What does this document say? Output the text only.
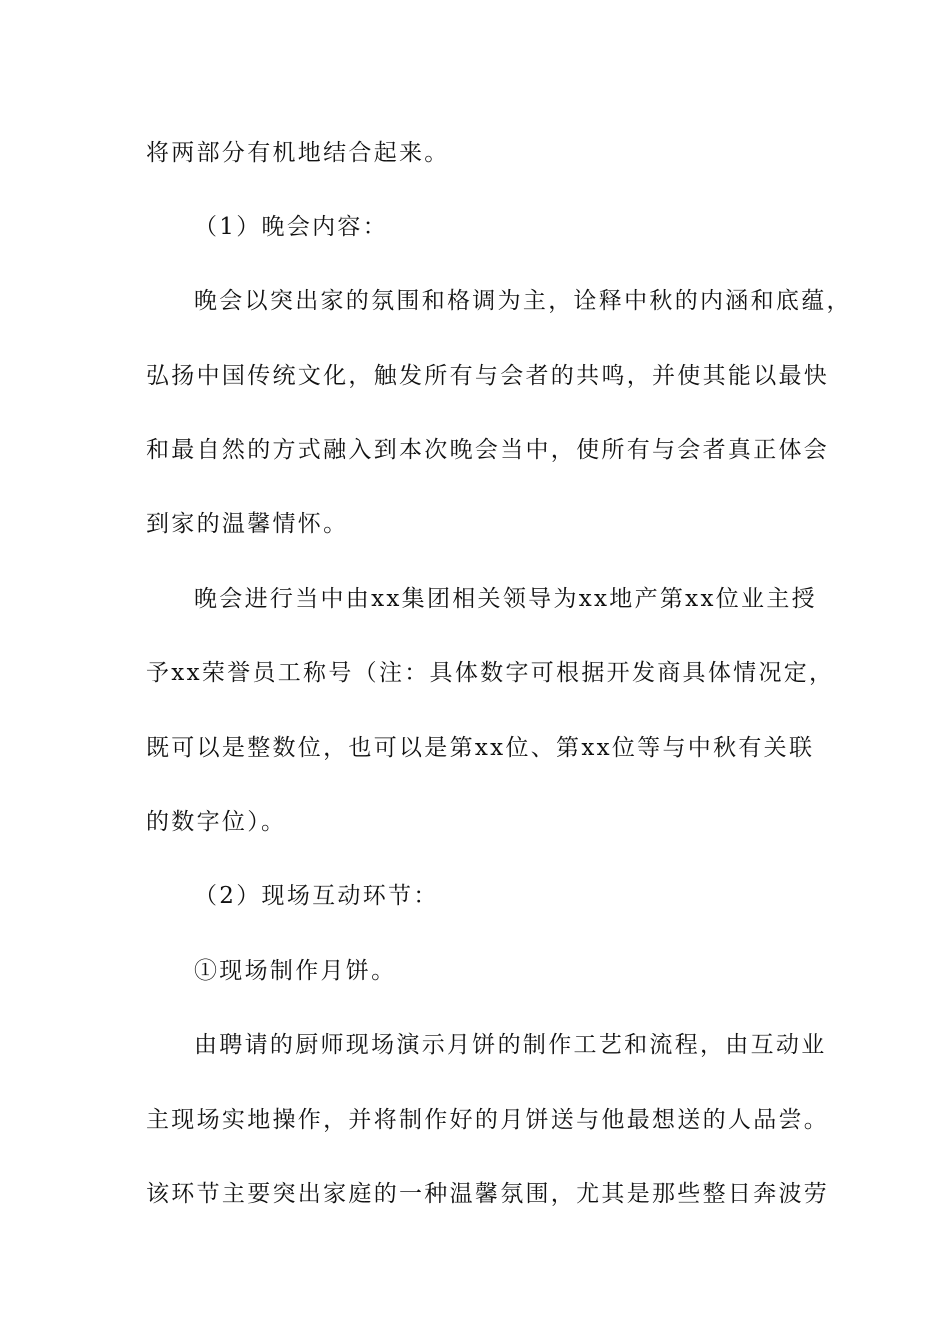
将两部分有机地结合起来。
（1）晚会内容：
晚会以突出家的氛围和格调为主，诠释中秋的内涵和底蕴，
弘扬中国传统文化，触发所有与会者的共鸣，并使其能以最快
和最自然的方式融入到本次晚会当中，使所有与会者真正体会
到家的温馨情怀。
晚会进行当中由xx集团相关领导为xx地产第xx位业主授
予xx荣誉员工称号（注：具体数字可根据开发商具体情况定，
既可以是整数位，也可以是第xx位、第xx位等与中秋有关联
的数字位）。
（2）现场互动环节：
①现场制作月饼。
由聘请的厨师现场演示月饼的制作工艺和流程，由互动业
主现场实地操作，并将制作好的月饼送与他最想送的人品尝。
该环节主要突出家庭的一种温馨氛围，尤其是那些整日奔波劳
